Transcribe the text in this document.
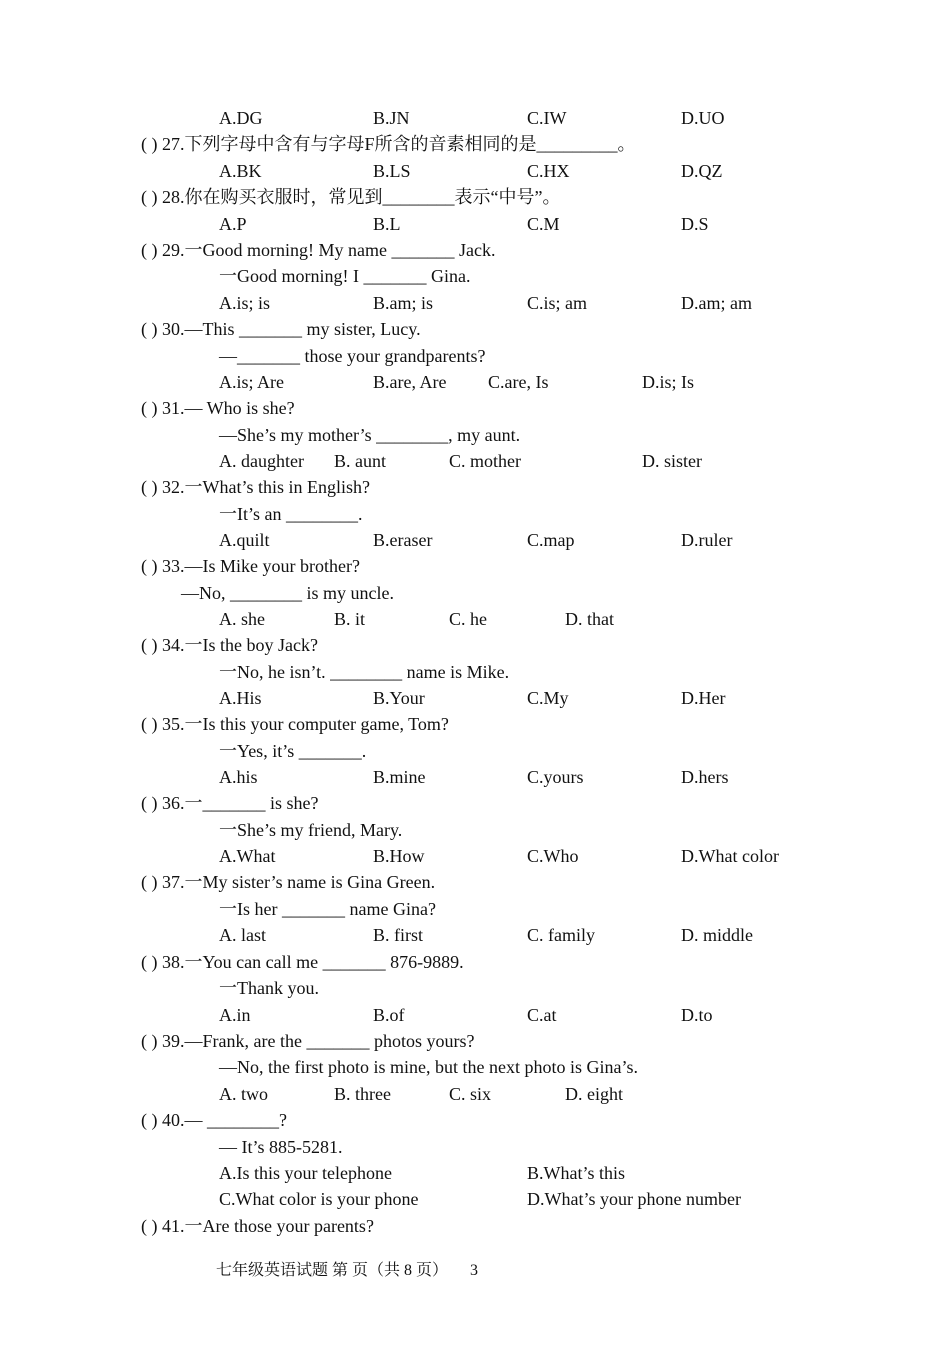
A.DG	B.JN	C.IW	D.UO
( ) 27.下列字母中含有与字母F所含的音素相同的是_________。
A.BK	B.LS	C.HX	D.QZ
( ) 28.你在购买衣服时，常见到________表示“中号”。
A.P	B.L	C.M	D.S
( ) 29.一Good morning! My name _______ Jack.
一Good morning! I _______ Gina.
A.is; is	B.am; is	C.is; am	D.am; am
( ) 30.—This _______ my sister, Lucy.
—_______ those your grandparents?
A.is; Are	B.are, Are C.are, Is	D.is; Is
( ) 31.— Who is she?
—She’s my mother’s ________, my aunt.
A. daughter B. aunt	C. mother	D. sister
( ) 32.一What’s this in English?
一It’s an ________.
A.quilt	B.eraser	C.map	D.ruler
( ) 33.—Is Mike your brother?
—No, ________ is my uncle.
A. she	B. it	C. he	D. that
( ) 34.一Is the boy Jack?
一No, he isn’t. ________ name is Mike.
A.His	B.Your	C.My	D.Her
( ) 35.一Is this your computer game, Tom?
一Yes, it’s _______.
A.his	B.mine	C.yours	D.hers
( ) 36.一_______ is she?
一She’s my friend, Mary.
A.What	B.How	C.Who	D.What color
( ) 37.一My sister’s name is Gina Green.
一Is her _______ name Gina?
A. last	B. first	C. family	D. middle
( ) 38.一You can call me _______ 876-9889.
一Thank you.
A.in	B.of	C.at	D.to
( ) 39.—Frank, are the _______ photos yours?
—No, the first photo is mine, but the next photo is Gina’s.
A. two	B. three	C. six	D. eight
( ) 40.— ________?
— It’s 885-5281.
A.Is this your telephone	B.What’s this
C.What color is your phone	D.What’s your phone number
( ) 41.一Are those your parents?
七年级英语试题 第 页（共 8 页） 3
